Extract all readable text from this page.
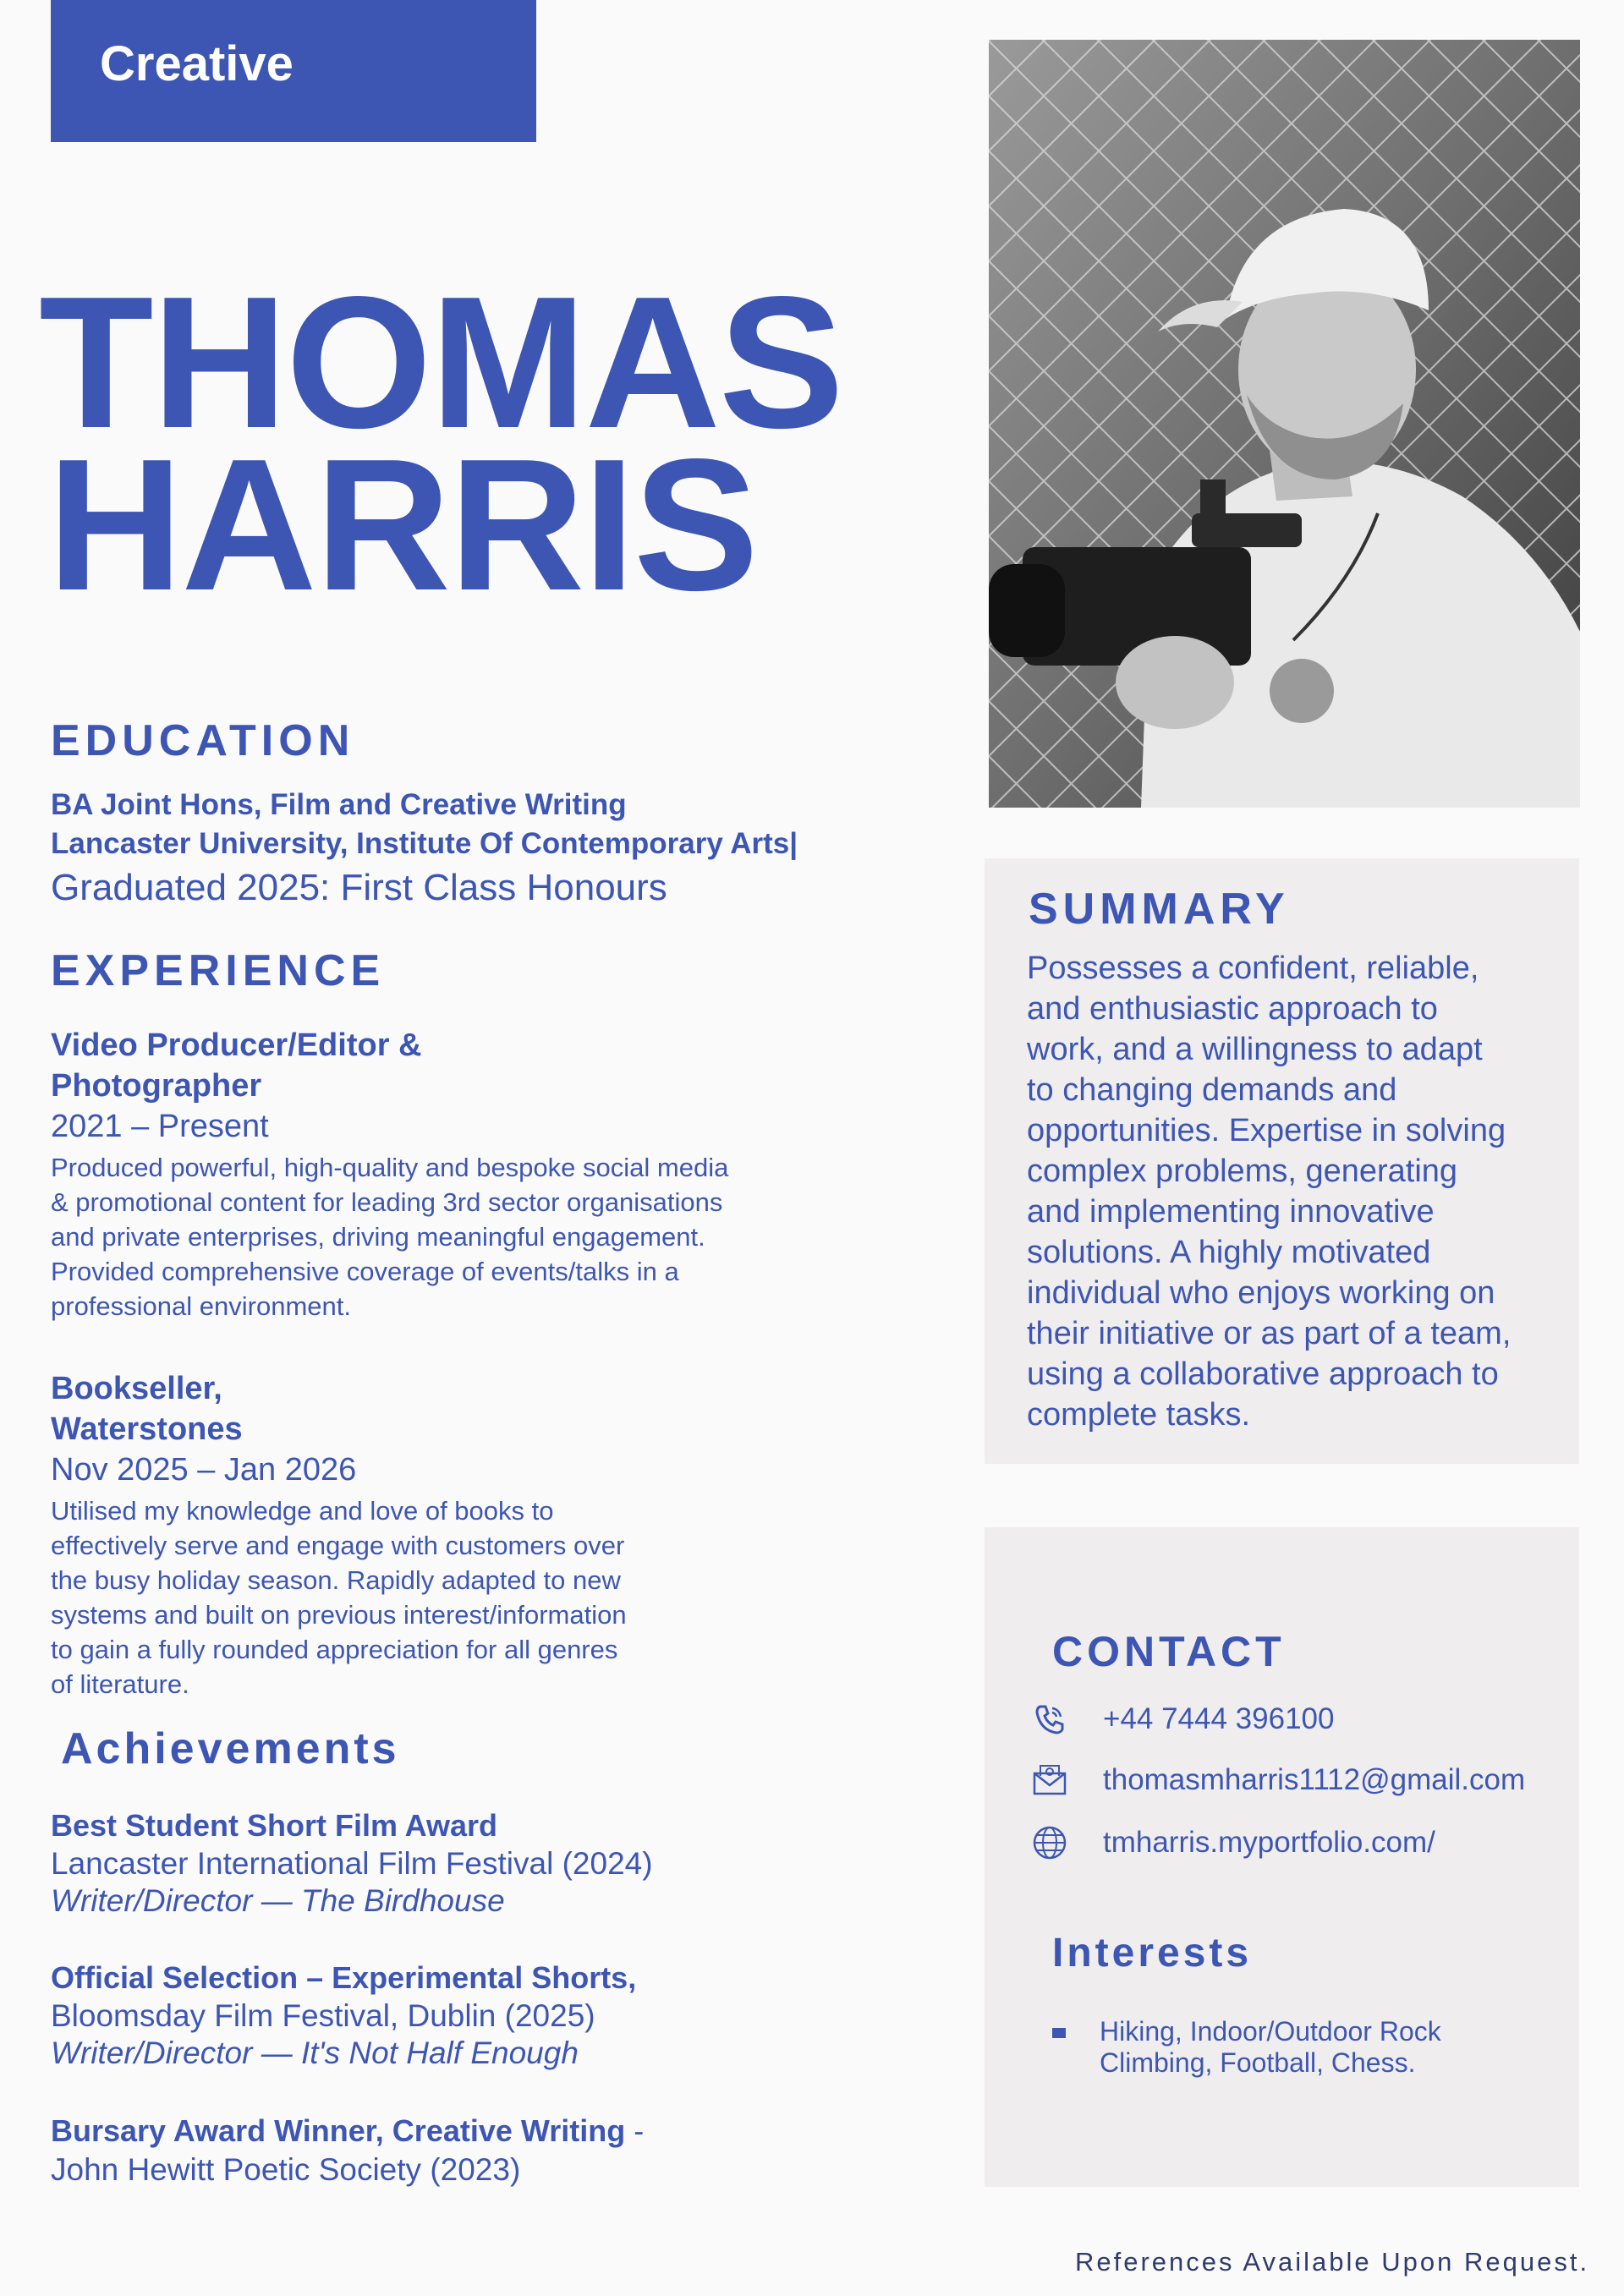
Creative
THOMAS
HARRIS
EDUCATION
BA Joint Hons, Film and Creative Writing
Lancaster University, Institute Of Contemporary Arts|
Graduated 2025: First Class Honours
EXPERIENCE
Video Producer/Editor &
Photographer
2021 – Present
Produced powerful, high-quality and bespoke social media
& promotional content for leading 3rd sector organisations
and private enterprises, driving meaningful engagement.
Provided comprehensive coverage of events/talks in a
professional environment.
Bookseller,
Waterstones
Nov 2025 – Jan 2026
Utilised my knowledge and love of books to
effectively serve and engage with customers over
the busy holiday season. Rapidly adapted to new
systems and built on previous interest/information
to gain a fully rounded appreciation for all genres
of literature.
Achievements
Best Student Short Film Award
Lancaster International Film Festival (2024)
Writer/Director — The Birdhouse
Official Selection – Experimental Shorts,
Bloomsday Film Festival, Dublin (2025)
Writer/Director — It's Not Half Enough
Bursary Award Winner, Creative Writing -
John Hewitt Poetic Society (2023)
SUMMARY
Possesses a confident, reliable,
and enthusiastic approach to
work, and a willingness to adapt
to changing demands and
opportunities. Expertise in solving
complex problems, generating
and implementing innovative
solutions. A highly motivated
individual who enjoys working on
their initiative or as part of a team,
using a collaborative approach to
complete tasks.
CONTACT
+44 7444 396100
thomasmharris1112@gmail.com
tmharris.myportfolio.com/
Interests
Hiking, Indoor/Outdoor Rock
Climbing, Football, Chess.
References Available Upon Request.
